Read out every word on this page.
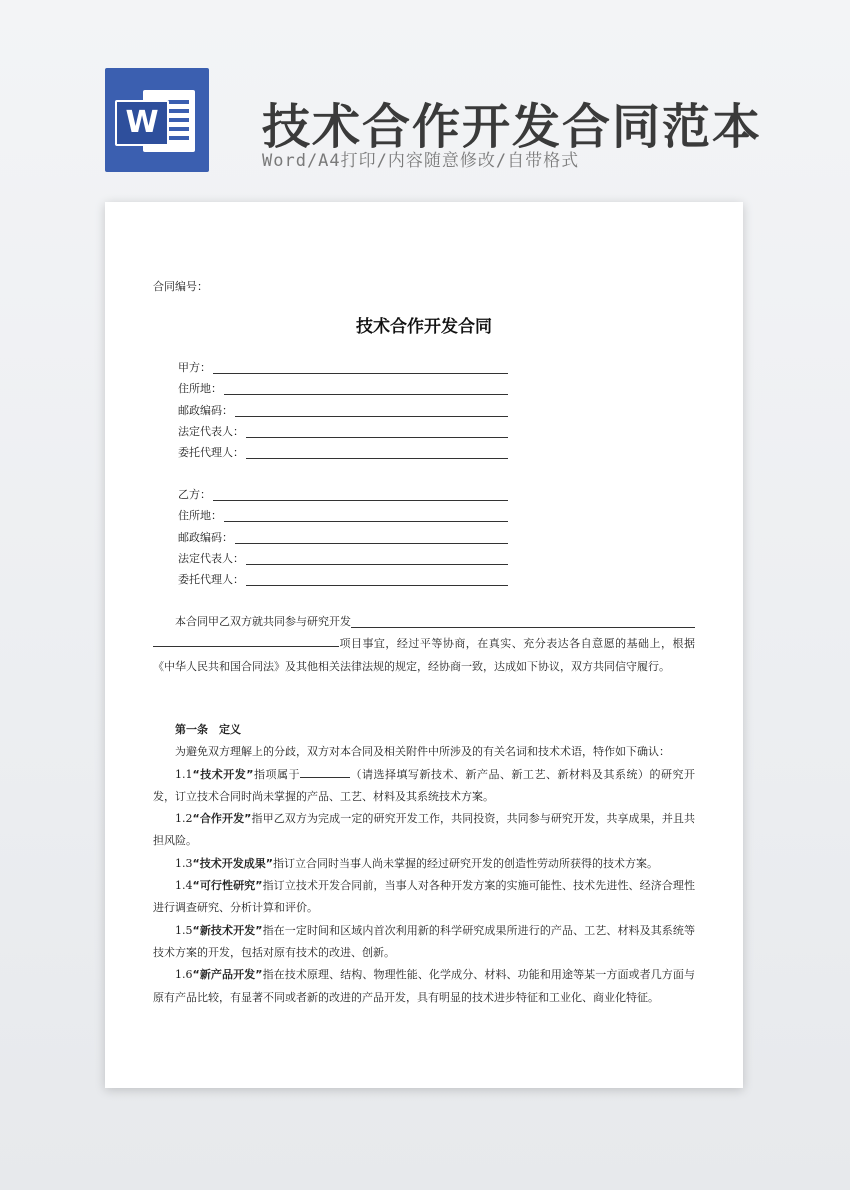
W 技术合作开发合同范本
Word/A4打印/内容随意修改/自带格式
合同编号：
技术合作开发合同
甲方：
住所地：
邮政编码：
法定代表人：
委托代理人：
乙方：
住所地：
邮政编码：
法定代表人：
委托代理人：

本合同甲乙双方就共同参与研究开发

项目事宜，经过平等协商，在真实、充分表达各自意愿的基础上，根据《中华人民共和国合同法》及其他相关法律法规的规定，经协商一致，达成如下协议，双方共同信守履行。

第一条　定义

为避免双方理解上的分歧，双方对本合同及相关附件中所涉及的有关名词和技术术语，特作如下确认：

1.1“技术开发”指项属于	（请选择填写新技术、新产品、新工艺、新材料及其系统）的研究开发，订立技术合同时尚未掌握的产品、工艺、材料及其系统技术方案。

1.2“合作开发”指甲乙双方为完成一定的研究开发工作，共同投资，共同参与研究开发，共享成果，并且共担风险。

1.3“技术开发成果”指订立合同时当事人尚未掌握的经过研究开发的创造性劳动所获得的技术方案。

1.4“可行性研究”指订立技术开发合同前，当事人对各种开发方案的实施可能性、技术先进性、经济合理性进行调查研究、分析计算和评价。

1.5“新技术开发”指在一定时间和区域内首次利用新的科学研究成果所进行的产品、工艺、材料及其系统等技术方案的开发，包括对原有技术的改进、创新。

1.6“新产品开发”指在技术原理、结构、物理性能、化学成分、材料、功能和用途等某一方面或者几方面与原有产品比较，有显著不同或者新的改进的产品开发，具有明显的技术进步特征和工业化、商业化特征。
